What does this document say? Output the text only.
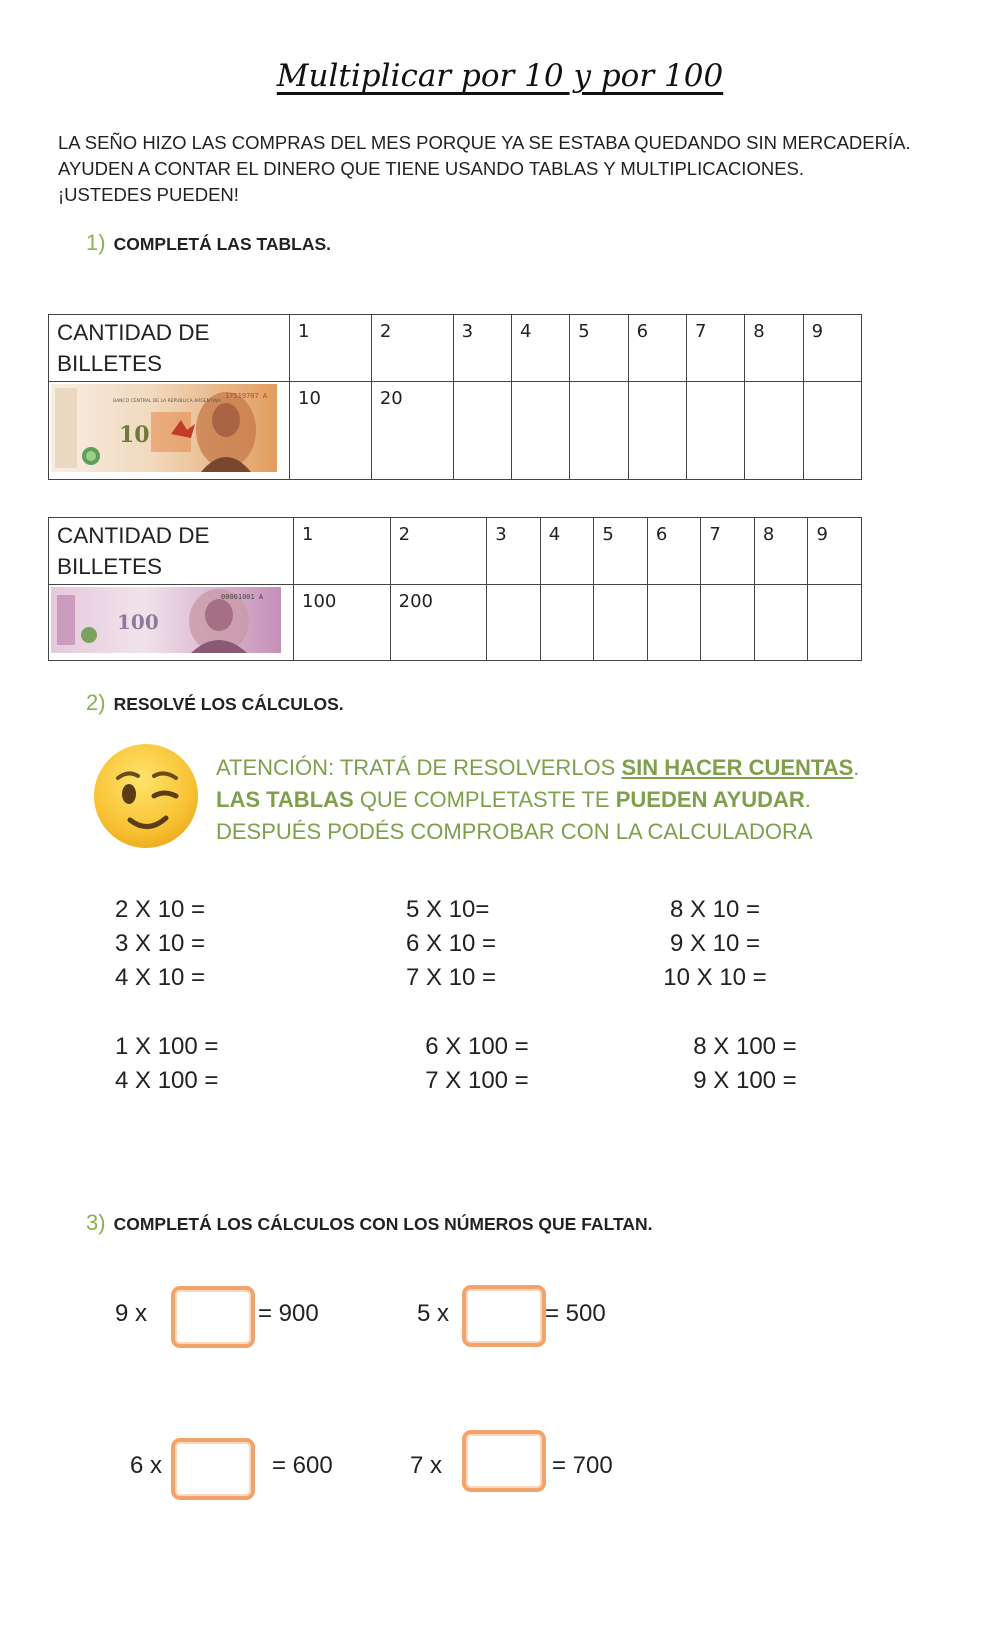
Multiplicar por 10 y por 100
LA SEÑO HIZO LAS COMPRAS DEL MES PORQUE YA SE ESTABA QUEDANDO SIN MERCADERÍA.
AYUDEN A CONTAR EL DINERO QUE TIENE USANDO TABLAS Y MULTIPLICACIONES.
¡USTEDES PUEDEN!
1) COMPLETÁ LAS TABLAS.
CANTIDAD DE BILLETES	1	2	3	4	5	6	7	8	9

10
BANCO CENTRAL DE LA REPÚBLICA ARGENTINA
17519707 A	10	20							
CANTIDAD DE BILLETES	1	2	3	4	5	6	7	8	9

100
00001001 A	100	200							
2) RESOLVÉ LOS CÁLCULOS.
ATENCIÓN: TRATÁ DE RESOLVERLOS SIN HACER CUENTAS.
LAS TABLAS QUE COMPLETASTE TE PUEDEN AYUDAR.
DESPUÉS PODÉS COMPROBAR CON LA CALCULADORA
2 X 10 =
3 X 10 =
4 X 10 =
5 X 10=
6 X 10 =
7 X 10 =
8 X 10 =
9 X 10 =
10 X 10 =
1 X 100 =
4 X 100 =
6 X 100 =
7 X 100 =
8 X 100 =
9 X 100 =
3) COMPLETÁ LOS CÁLCULOS CON LOS NÚMEROS QUE FALTAN.
9 x	= 900	5 x	= 500
6 x	= 600	7 x	= 700
